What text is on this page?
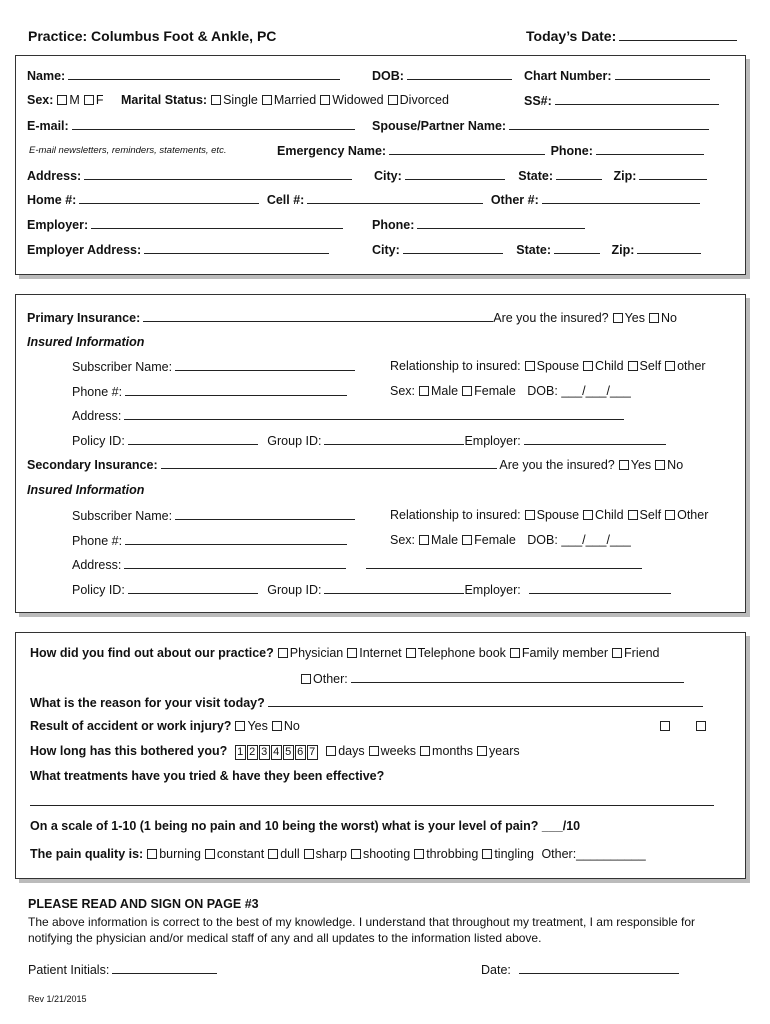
Practice: Columbus Foot & Ankle, PC	Today’s Date:
Name:	DOB:	Chart Number:
Sex: M F Marital Status: Single Married Widowed Divorced	SS#:
E-mail:	Spouse/Partner Name:
E-mail newsletters, reminders, statements, etc.	Emergency Name:	Phone:
Address:	City:	State:	Zip:
Home #:	Cell #:	Other #:
Employer:	Phone:
Employer Address:	City:	State:	Zip:
Primary Insurance:	Are you the insured? Yes No
Insured Information
Subscriber Name:	Relationship to insured: Spouse Child Self other
Phone #:	Sex: Male Female DOB: ___/___/___
Address:
Policy ID:	Group ID:	Employer:
Secondary Insurance:	Are you the insured? Yes No
Insured Information
Subscriber Name:	Relationship to insured: Spouse Child Self Other
Phone #:	Sex: Male Female DOB: ___/___/___
Address:
Policy ID:	Group ID:	Employer:
How did you find out about our practice? Physician Internet Telephone book Family member Friend
Other:
What is the reason for your visit today?
Result of accident or work injury? Yes No
How long has this bothered you? 1 2 3 4 5 6 7 days weeks months years
What treatments have you tried & have they been effective?
On a scale of 1-10 (1 being no pain and 10 being the worst) what is your level of pain? ___/10
The pain quality is: burning constant dull sharp shooting throbbing tingling Other:__________
PLEASE READ AND SIGN ON PAGE #3
The above information is correct to the best of my knowledge. I understand that throughout my treatment, I am responsible for notifying the physician and/or medical staff of any and all updates to the information listed above.
Patient Initials:	Date:
Rev 1/21/2015
